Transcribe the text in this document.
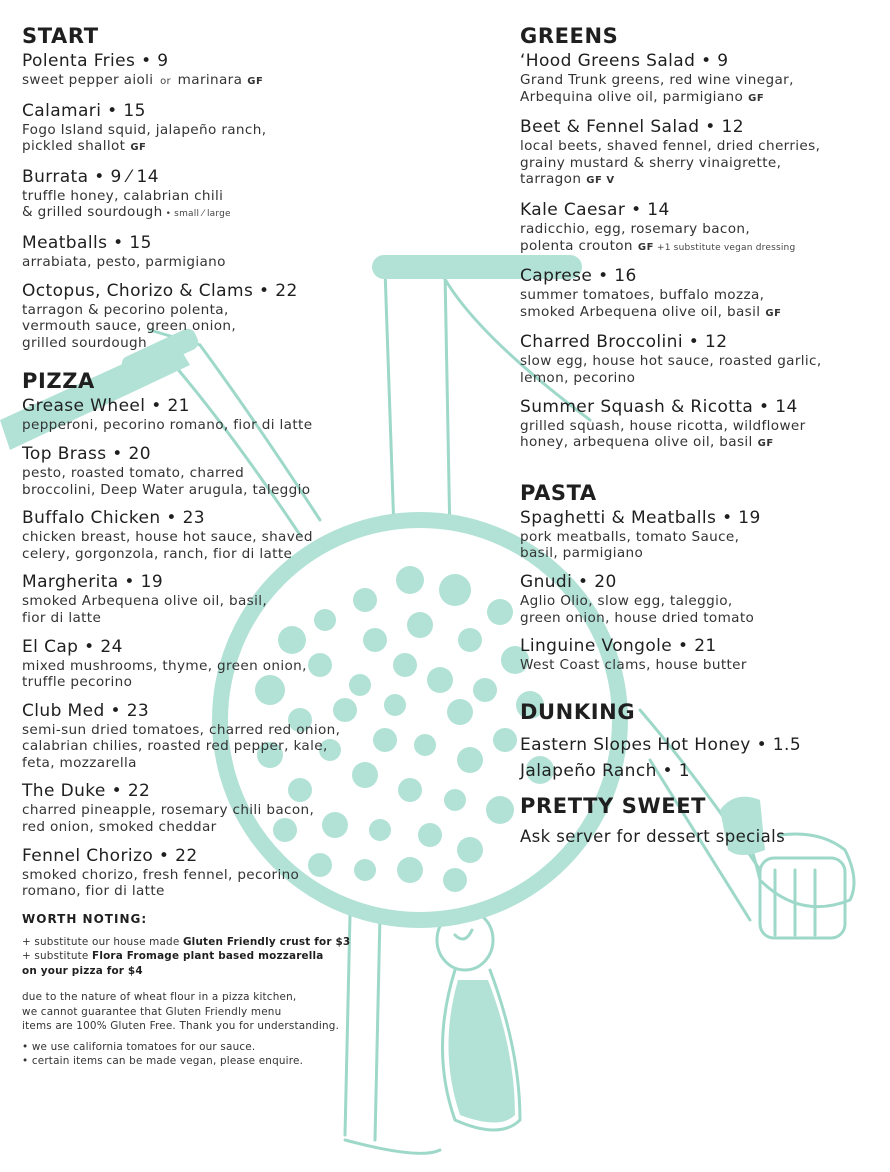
START
Polenta Fries • 9
sweet pepper aioli or marinara GF
Calamari • 15
Fogo Island squid, jalapeño ranch,
pickled shallot GF
Burrata • 9 ⁄ 14
truffle honey, calabrian chili
& grilled sourdough • small ⁄ large
Meatballs • 15
arrabiata, pesto, parmigiano
Octopus, Chorizo & Clams • 22
tarragon & pecorino polenta,
vermouth sauce, green onion,
grilled sourdough
PIZZA
Grease Wheel • 21
pepperoni, pecorino romano, fior di latte
Top Brass • 20
pesto, roasted tomato, charred
broccolini, Deep Water arugula, taleggio
Buffalo Chicken • 23
chicken breast, house hot sauce, shaved
celery, gorgonzola, ranch, fior di latte
Margherita • 19
smoked Arbequena olive oil, basil,
fior di latte
El Cap • 24
mixed mushrooms, thyme, green onion,
truffle pecorino
Club Med • 23
semi-sun dried tomatoes, charred red onion,
calabrian chilies, roasted red pepper, kale,
feta, mozzarella
The Duke • 22
charred pineapple, rosemary chili bacon,
red onion, smoked cheddar
Fennel Chorizo • 22
smoked chorizo, fresh fennel, pecorino
romano, fior di latte

WORTH NOTING:

+ substitute our house made Gluten Friendly crust for $3
+ substitute Flora Fromage plant based mozzarella
on your pizza for $4
due to the nature of wheat flour in a pizza kitchen,
we cannot guarantee that Gluten Friendly menu
items are 100% Gluten Free. Thank you for understanding.
• we use california tomatoes for our sauce.
• certain items can be made vegan, please enquire.
GREENS
‘Hood Greens Salad • 9
Grand Trunk greens, red wine vinegar,
Arbequina olive oil, parmigiano GF
Beet & Fennel Salad • 12
local beets, shaved fennel, dried cherries,
grainy mustard & sherry vinaigrette,
tarragon GF V
Kale Caesar • 14
radicchio, egg, rosemary bacon,
polenta crouton GF +1 substitute vegan dressing
Caprese • 16
summer tomatoes, buffalo mozza,
smoked Arbequena olive oil, basil GF
Charred Broccolini • 12
slow egg, house hot sauce, roasted garlic,
lemon, pecorino
Summer Squash & Ricotta • 14
grilled squash, house ricotta, wildflower
honey, arbequena olive oil, basil GF
PASTA
Spaghetti & Meatballs • 19
pork meatballs, tomato Sauce,
basil, parmigiano
Gnudi • 20
Aglio Olio, slow egg, taleggio,
green onion, house dried tomato
Linguine Vongole • 21
West Coast clams, house butter
DUNKING
Eastern Slopes Hot Honey • 1.5
Jalapeño Ranch • 1
PRETTY SWEET
Ask server for dessert specials
